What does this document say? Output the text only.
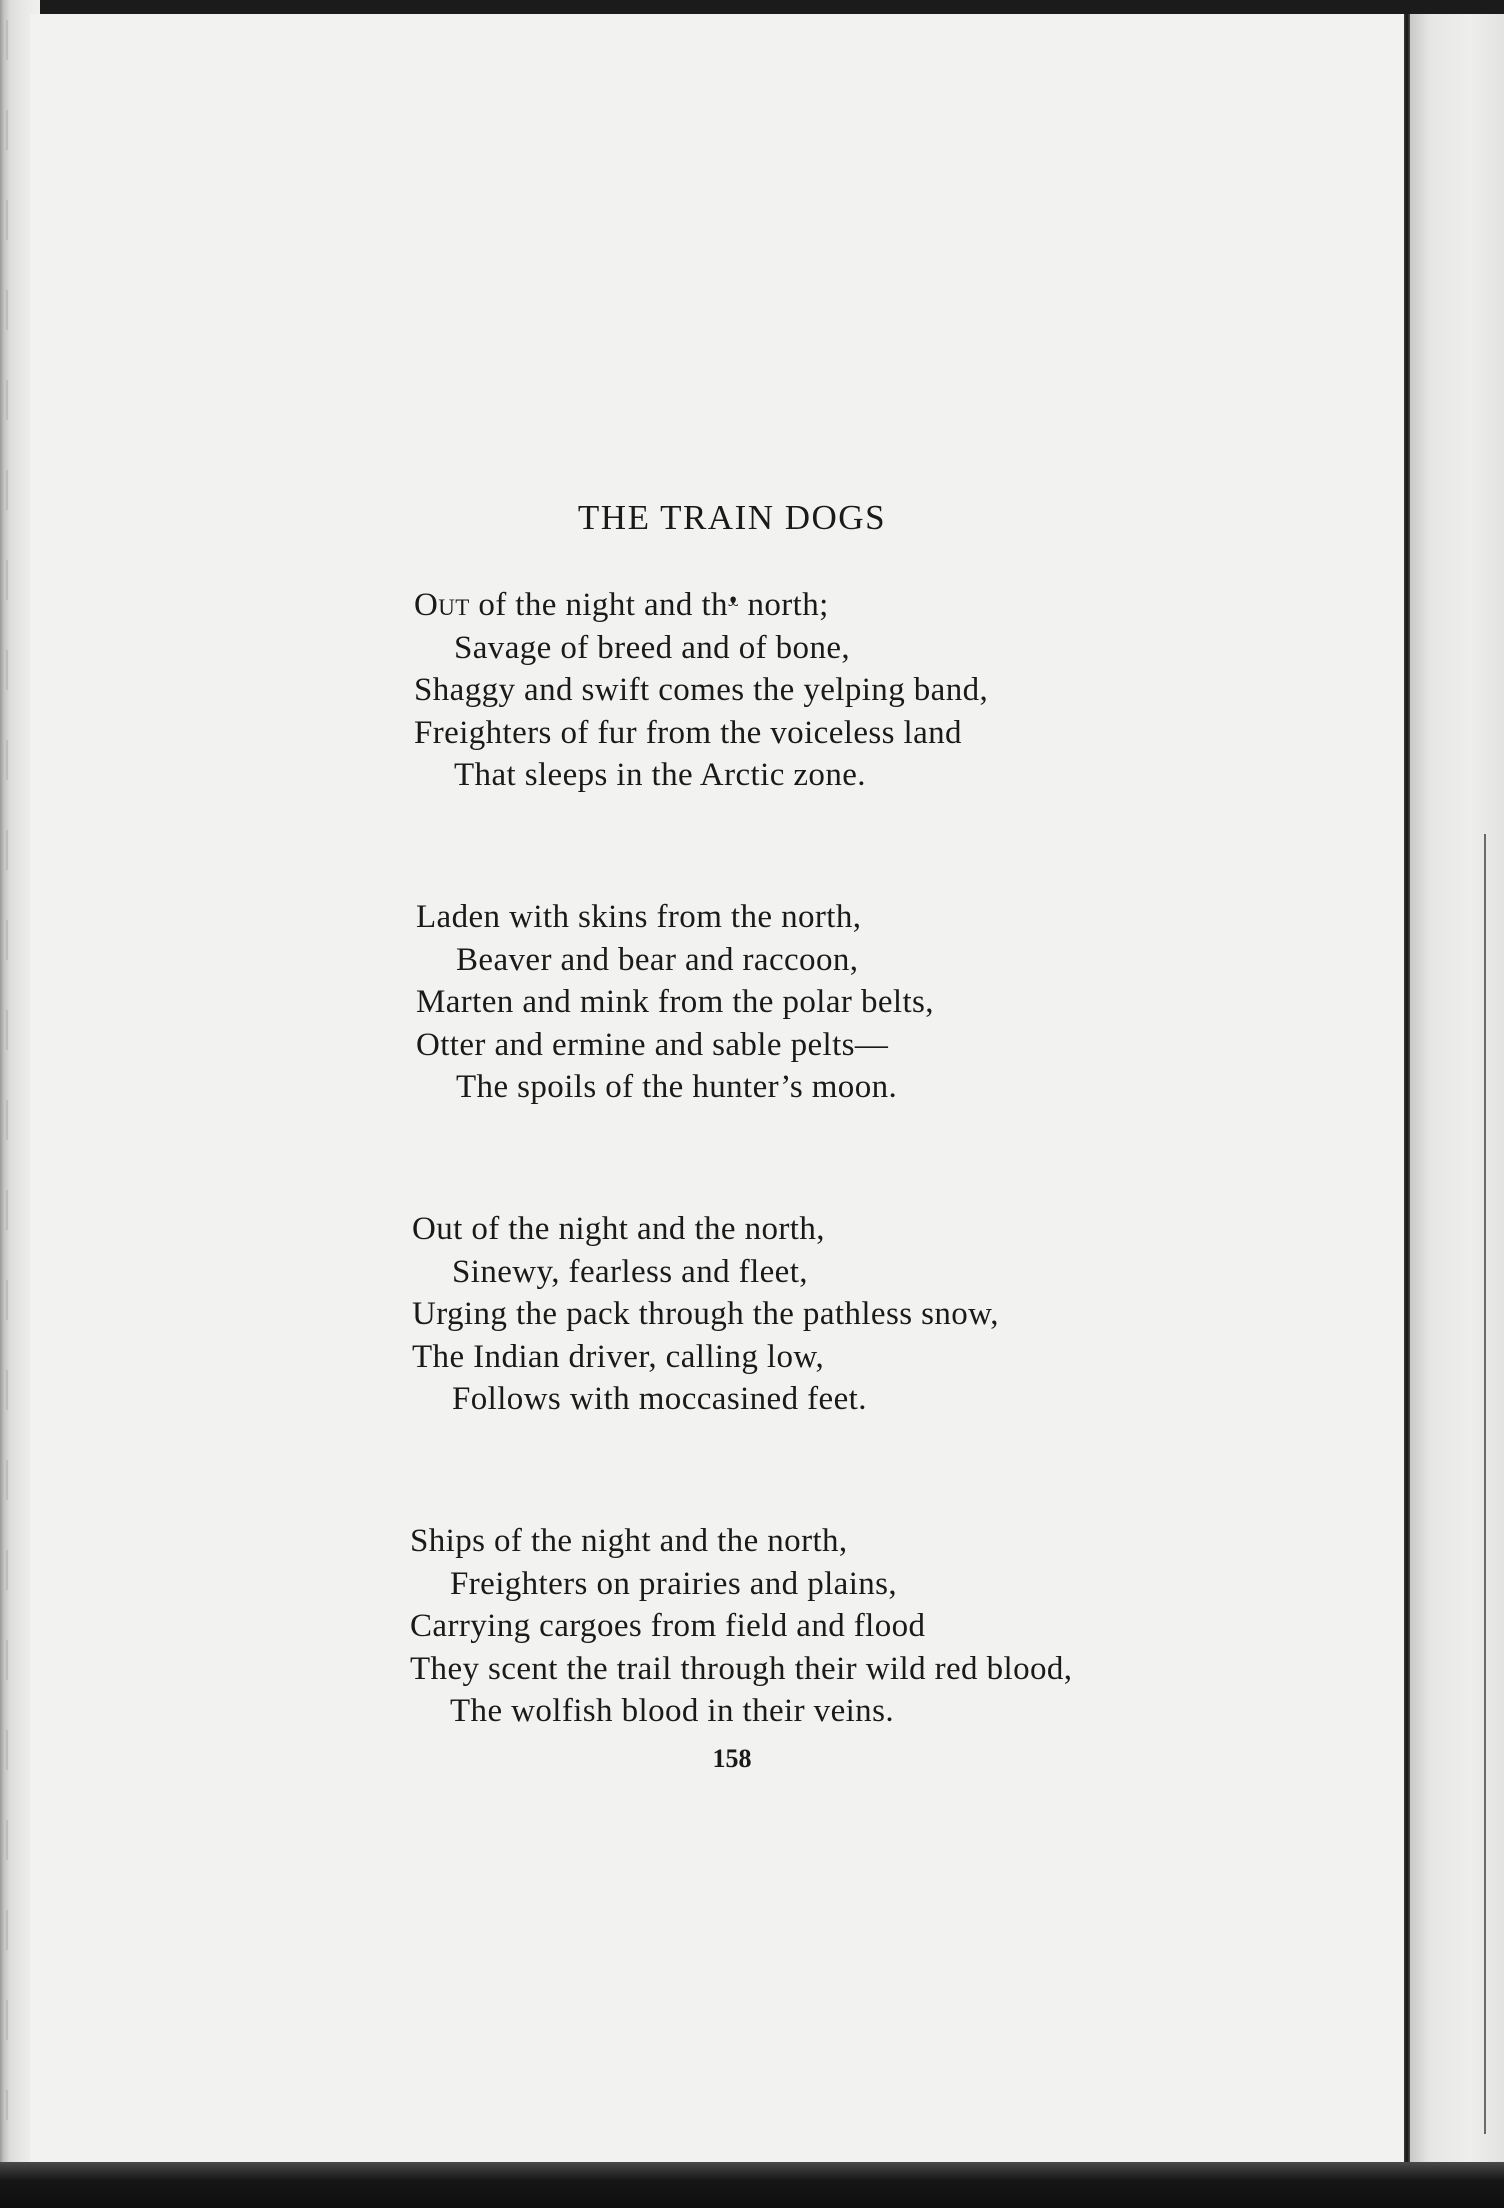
THE TRAIN DOGS
Out of the night and thᵜ north;
Savage of breed and of bone,
Shaggy and swift comes the yelping band,
Freighters of fur from the voiceless land
That sleeps in the Arctic zone.
Laden with skins from the north,
Beaver and bear and raccoon,
Marten and mink from the polar belts,
Otter and ermine and sable pelts—
The spoils of the hunter’s moon.
Out of the night and the north,
Sinewy, fearless and fleet,
Urging the pack through the pathless snow,
The Indian driver, calling low,
Follows with moccasined feet.
Ships of the night and the north,
Freighters on prairies and plains,
Carrying cargoes from field and flood
They scent the trail through their wild red blood,
The wolfish blood in their veins.
158
